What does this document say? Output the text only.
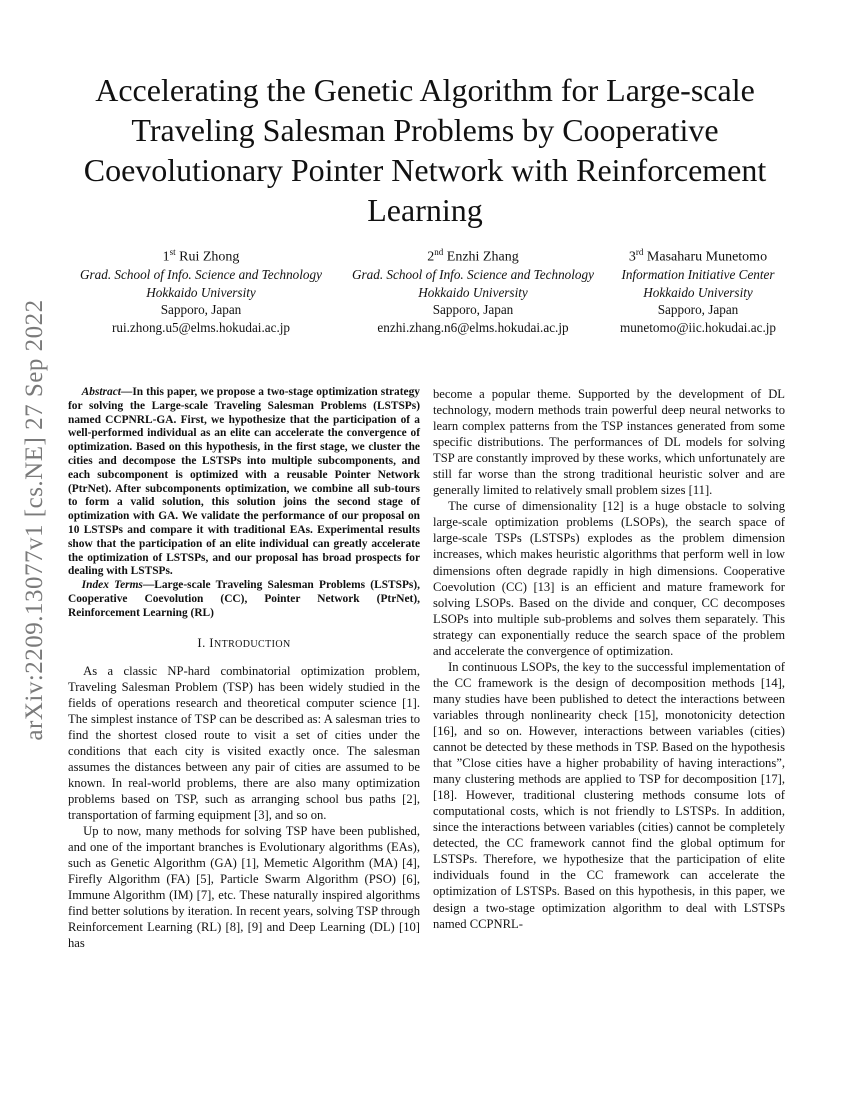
arXiv:2209.13077v1 [cs.NE] 27 Sep 2022
Accelerating the Genetic Algorithm for Large-scale Traveling Salesman Problems by Cooperative Coevolutionary Pointer Network with Reinforcement Learning
1st Rui Zhong
Grad. School of Info. Science and Technology
Hokkaido University
Sapporo, Japan
rui.zhong.u5@elms.hokudai.ac.jp
2nd Enzhi Zhang
Grad. School of Info. Science and Technology
Hokkaido University
Sapporo, Japan
enzhi.zhang.n6@elms.hokudai.ac.jp
3rd Masaharu Munetomo
Information Initiative Center
Hokkaido University
Sapporo, Japan
munetomo@iic.hokudai.ac.jp

Abstract—In this paper, we propose a two-stage optimization strategy for solving the Large-scale Traveling Salesman Problems (LSTSPs) named CCPNRL-GA. First, we hypothesize that the participation of a well-performed individual as an elite can accelerate the convergence of optimization. Based on this hypothesis, in the first stage, we cluster the cities and decompose the LSTSPs into multiple subcomponents, and each subcomponent is optimized with a reusable Pointer Network (PtrNet). After subcomponents optimization, we combine all sub-tours to form a valid solution, this solution joins the second stage of optimization with GA. We validate the performance of our proposal on 10 LSTSPs and compare it with traditional EAs. Experimental results show that the participation of an elite individual can greatly accelerate the optimization of LSTSPs, and our proposal has broad prospects for dealing with LSTSPs.

Index Terms—Large-scale Traveling Salesman Problems (LSTSPs), Cooperative Coevolution (CC), Pointer Network (PtrNet), Reinforcement Learning (RL)

I. INTRODUCTION

As a classic NP-hard combinatorial optimization problem, Traveling Salesman Problem (TSP) has been widely studied in the fields of operations research and theoretical computer science [1]. The simplest instance of TSP can be described as: A salesman tries to find the shortest closed route to visit a set of cities under the conditions that each city is visited exactly once. The salesman assumes the distances between any pair of cities are assumed to be known. In real-world problems, there are also many optimization problems based on TSP, such as arranging school bus paths [2], transportation of farming equipment [3], and so on.

Up to now, many methods for solving TSP have been published, and one of the important branches is Evolutionary algorithms (EAs), such as Genetic Algorithm (GA) [1], Memetic Algorithm (MA) [4], Firefly Algorithm (FA) [5], Particle Swarm Algorithm (PSO) [6], Immune Algorithm (IM) [7], etc. These naturally inspired algorithms find better solutions by iteration. In recent years, solving TSP through Reinforcement Learning (RL) [8], [9] and Deep Learning (DL) [10] has

become a popular theme. Supported by the development of DL technology, modern methods train powerful deep neural networks to learn complex patterns from the TSP instances generated from some specific distributions. The performances of DL models for solving TSP are constantly improved by these works, which unfortunately are still far worse than the strong traditional heuristic solver and are generally limited to relatively small problem sizes [11].

The curse of dimensionality [12] is a huge obstacle to solving large-scale optimization problems (LSOPs), the search space of large-scale TSPs (LSTSPs) explodes as the problem dimension increases, which makes heuristic algorithms that perform well in low dimensions often degrade rapidly in high dimensions. Cooperative Coevolution (CC) [13] is an efficient and mature framework for solving LSOPs. Based on the divide and conquer, CC decomposes LSOPs into multiple sub-problems and solves them separately. This strategy can exponentially reduce the search space of the problem and accelerate the convergence of optimization.

In continuous LSOPs, the key to the successful implementation of the CC framework is the design of decomposition methods [14], many studies have been published to detect the interactions between variables through nonlinearity check [15], monotonicity detection [16], and so on. However, interactions between variables (cities) cannot be detected by these methods in TSP. Based on the hypothesis that ”Close cities have a higher probability of having interactions”, many clustering methods are applied to TSP for decomposition [17], [18]. However, traditional clustering methods consume lots of computational costs, which is not friendly to LSTSPs. In addition, since the interactions between variables (cities) cannot be completely detected, the CC framework cannot find the global optimum for LSTSPs. Therefore, we hypothesize that the participation of elite individuals found in the CC framework can accelerate the optimization of LSTSPs. Based on this hypothesis, in this paper, we design a two-stage optimization algorithm to deal with LSTSPs named CCPNRL-
